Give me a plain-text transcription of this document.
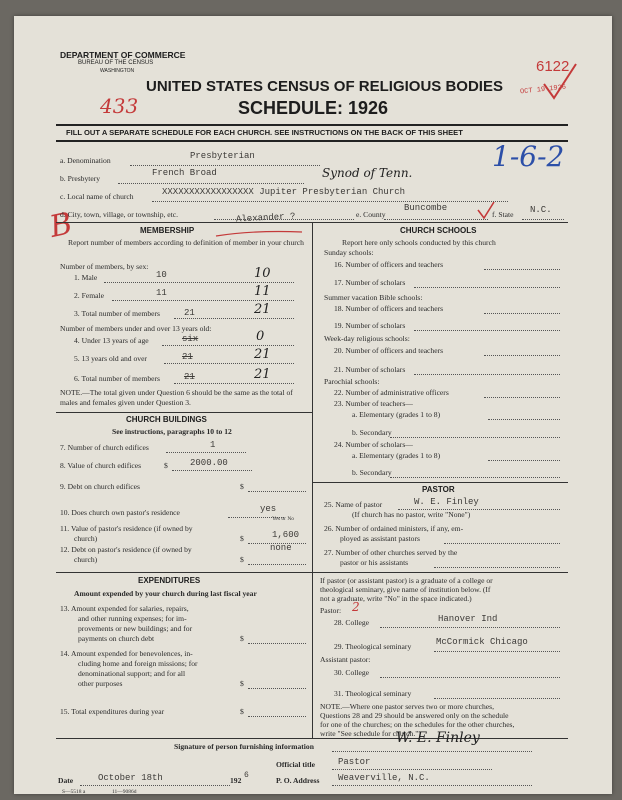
DEPARTMENT OF COMMERCE
BUREAU OF THE CENSUS
WASHINGTON
UNITED STATES CENSUS OF RELIGIOUS BODIES
SCHEDULE: 1926
6122
OCT 19 1926
433
1-6-2
B
FILL OUT A SEPARATE SCHEDULE FOR EACH CHURCH. SEE INSTRUCTIONS ON THE BACK OF THIS SHEET
a. Denomination	Presbyterian
b. Presbytery
French Broad	Synod of Tenn.
c. Local name of church	XXXXXXXXXXXXXXXXX Jupiter Presbyterian Church
d. City, town, village, or township, etc.	Alexander ?	e. County
Buncombe
f. State N.C.
MEMBERSHIP
Report number of members according to definition of member in your church
Number of members, by sex:
1. Male	10	10
2. Female	11	11
3. Total number of members	21	21
Number of members under and over 13 years old:
4. Under 13 years of age	six	0
5. 13 years old and over	21	21
6. Total number of members	21	21
NOTE.—The total given under Question 6 should be the same as the total of males and females given under Question 3.
CHURCH BUILDINGS
See instructions, paragraphs 10 to 12
7. Number of church edifices	1
8. Value of church edifices	$ 2000.00
9. Debt on church edifices	$
10. Does church own pastor's residence	yes
Yes or No
11. Value of pastor's residence (if owned by
church)	$	1,600
12. Debt on pastor's residence (if owned by
church)	$
none
EXPENDITURES
Amount expended by your church during last fiscal year
13. Amount expended for salaries, repairs,
and other running expenses; for im-
provements or new buildings; and for
payments on church debt	$
14. Amount expended for benevolences, in-
cluding home and foreign missions; for
denominational support; and for all
other purposes	$
15. Total expenditures during year	$
CHURCH SCHOOLS
Report here only schools conducted by this church
Sunday schools:
16. Number of officers and teachers
17. Number of scholars
Summer vacation Bible schools:
18. Number of officers and teachers
19. Number of scholars
Week-day religious schools:
20. Number of officers and teachers
21. Number of scholars
Parochial schools:
22. Number of administrative officers
23. Number of teachers—
a. Elementary (grades 1 to 8)
b. Secondary
24. Number of scholars—
a. Elementary (grades 1 to 8)
b. Secondary
PASTOR
25. Name of pastor	W. E. Finley
(If church has no pastor, write "None")
26. Number of ordained ministers, if any, em-
ployed as assistant pastors
27. Number of other churches served by the
pastor or his assistants
If pastor (or assistant pastor) is a graduate of a college or
theological seminary, give name of institution below. (If
not a graduate, write "No" in the space indicated.)
Pastor: 2
28. College	Hanover Ind
29. Theological seminary	McCormick Chicago
Assistant pastor:
30. College
31. Theological seminary
NOTE.—Where one pastor serves two or more churches,
Questions 28 and 29 should be answered only on the schedule
for one of the churches; on the schedules for the other churches,
write "See schedule for church."
Signature of person furnishing information
W. E. Finley
Official title	Pastor
Date	October 18th	192
6
P. O. Address Weaverville, N.C.
S—5518 a	11—9086d
